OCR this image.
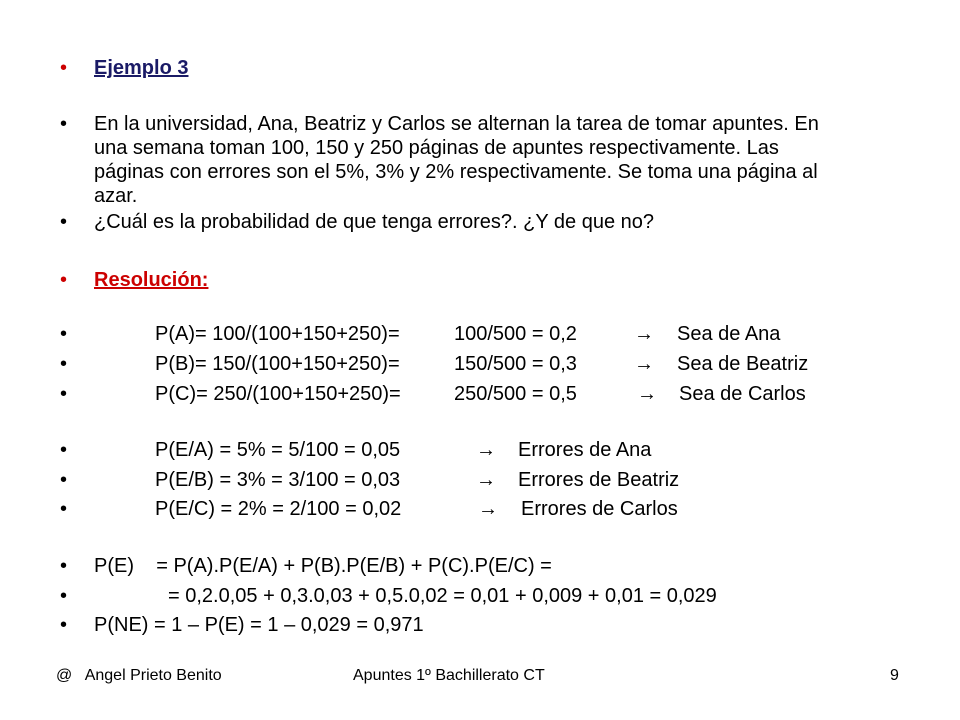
•	Ejemplo 3
•	En la universidad, Ana, Beatriz y Carlos se alternan la tarea de tomar apuntes. En una semana toman 100, 150 y 250 páginas de apuntes respectivamente. Las páginas con errores son el 5%, 3% y 2% respectivamente. Se toma una página al azar.
•	¿Cuál es la probabilidad de que tenga errores?. ¿Y de que no?
•	Resolución:
•	P(A)= 100/(100+150+250)=	100/500 = 0,2	→ Sea de Ana
•	P(B)= 150/(100+150+250)=	150/500 = 0,3	→ Sea de Beatriz
•	P(C)= 250/(100+150+250)=	250/500 = 0,5	→ Sea de Carlos
•	P(E/A) = 5% = 5/100 = 0,05	→ Errores de Ana
•	P(E/B) = 3% = 3/100 = 0,03	→ Errores de Beatriz
•	P(E/C) = 2% = 2/100 = 0,02	→ Errores de Carlos
•	P(E)    = P(A).P(E/A) + P(B).P(E/B) + P(C).P(E/C) =
•	= 0,2.0,05 + 0,3.0,03 + 0,5.0,02 = 0,01 + 0,009 + 0,01 = 0,029
•	P(NE) = 1 – P(E) = 1 – 0,029 = 0,971
@   Angel Prieto Benito	Apuntes 1º Bachillerato CT	9
